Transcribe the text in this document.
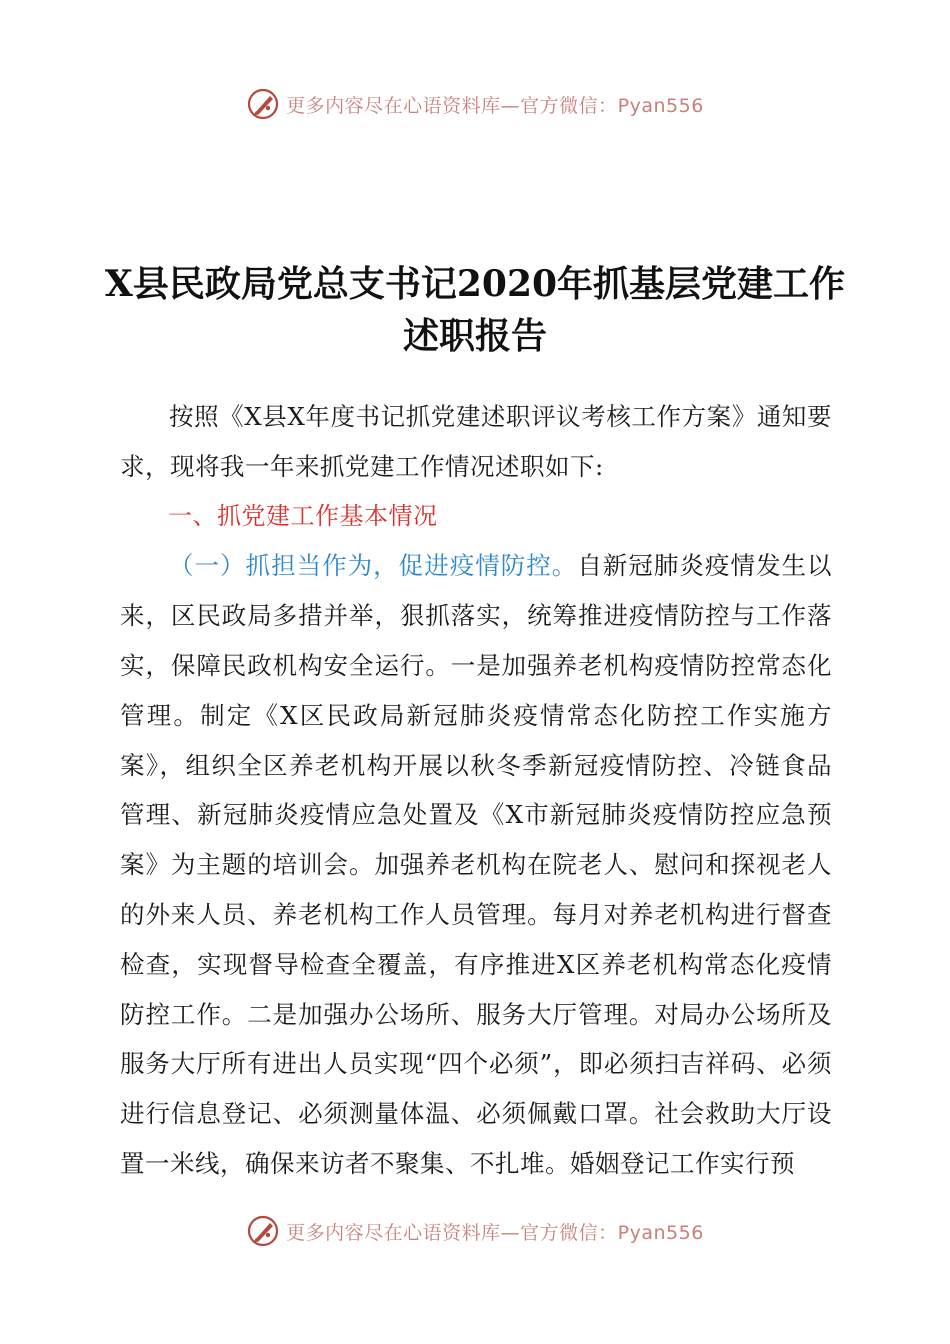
更多内容尽在心语资料库—官方微信：Pyan556
X县民政局党总支书记2020年抓基层党建工作
述职报告

按照《X县X年度书记抓党建述职评议考核工作方案》通知要求，现将我一年来抓党建工作情况述职如下:

一、抓党建工作基本情况

（一）抓担当作为，促进疫情防控。自新冠肺炎疫情发生以来，区民政局多措并举，狠抓落实，统筹推进疫情防控与工作落实，保障民政机构安全运行。一是加强养老机构疫情防控常态化管理。制定《X区民政局新冠肺炎疫情常态化防控工作实施方案》，组织全区养老机构开展以秋冬季新冠疫情防控、冷链食品管理、新冠肺炎疫情应急处置及《X市新冠肺炎疫情防控应急预案》为主题的培训会。加强养老机构在院老人、慰问和探视老人的外来人员、养老机构工作人员管理。每月对养老机构进行督查检查，实现督导检查全覆盖，有序推进X区养老机构常态化疫情防控工作。二是加强办公场所、服务大厅管理。对局办公场所及服务大厅所有进出人员实现“四个必须”，即必须扫吉祥码、必须进行信息登记、必须测量体温、必须佩戴口罩。社会救助大厅设置一米线，确保来访者不聚集、不扎堆。婚姻登记工作实行预

更多内容尽在心语资料库—官方微信：Pyan556
